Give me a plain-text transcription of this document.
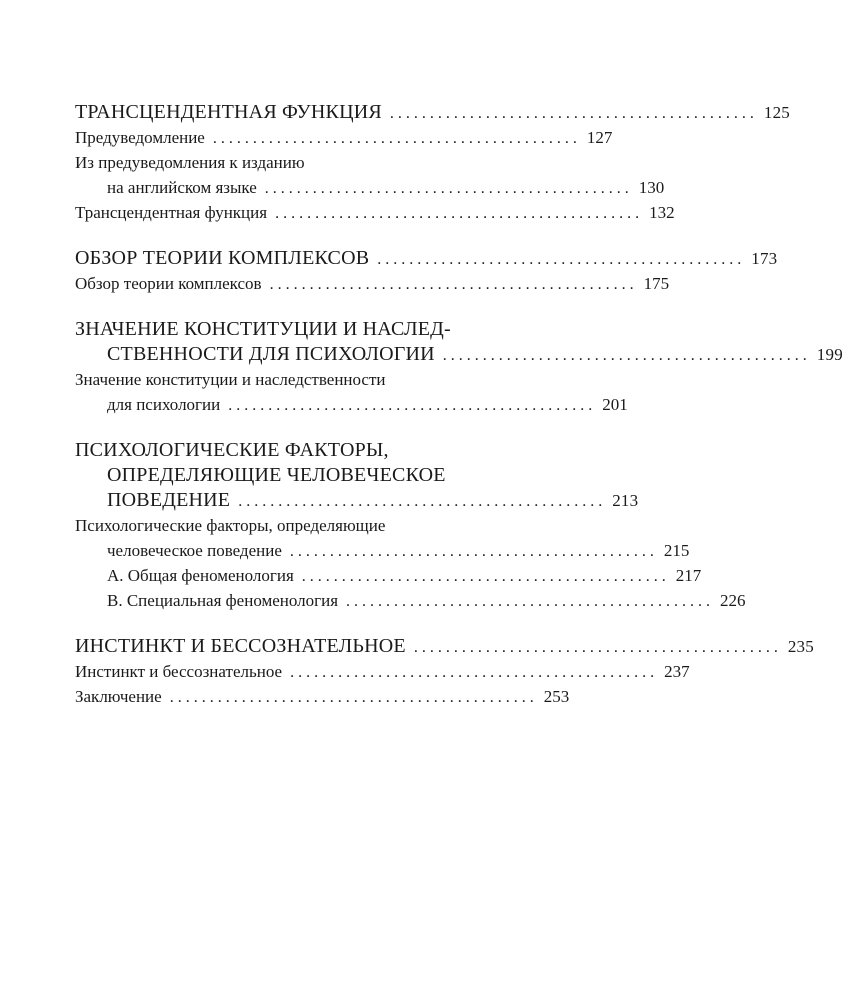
ТРАНСЦЕНДЕНТНАЯ ФУНКЦИЯ .............................................. 125
Предуведомление .............................................. 127
Из предуведомления к изданию
на английском языке .............................................. 130
Трансцендентная функция .............................................. 132
ОБЗОР ТЕОРИИ КОМПЛЕКСОВ .............................................. 173
Обзор теории комплексов .............................................. 175
ЗНАЧЕНИЕ КОНСТИТУЦИИ И НАСЛЕД-
СТВЕННОСТИ ДЛЯ ПСИХОЛОГИИ .............................................. 199
Значение конституции и наследственности
для психологии .............................................. 201
ПСИХОЛОГИЧЕСКИЕ ФАКТОРЫ,
ОПРЕДЕЛЯЮЩИЕ ЧЕЛОВЕЧЕСКОЕ
ПОВЕДЕНИЕ .............................................. 213
Психологические факторы, определяющие
человеческое поведение .............................................. 215
A. Общая феноменология .............................................. 217
B. Специальная феноменология .............................................. 226
ИНСТИНКТ И БЕССОЗНАТЕЛЬНОЕ .............................................. 235
Инстинкт и бессознательное .............................................. 237
Заключение .............................................. 253
